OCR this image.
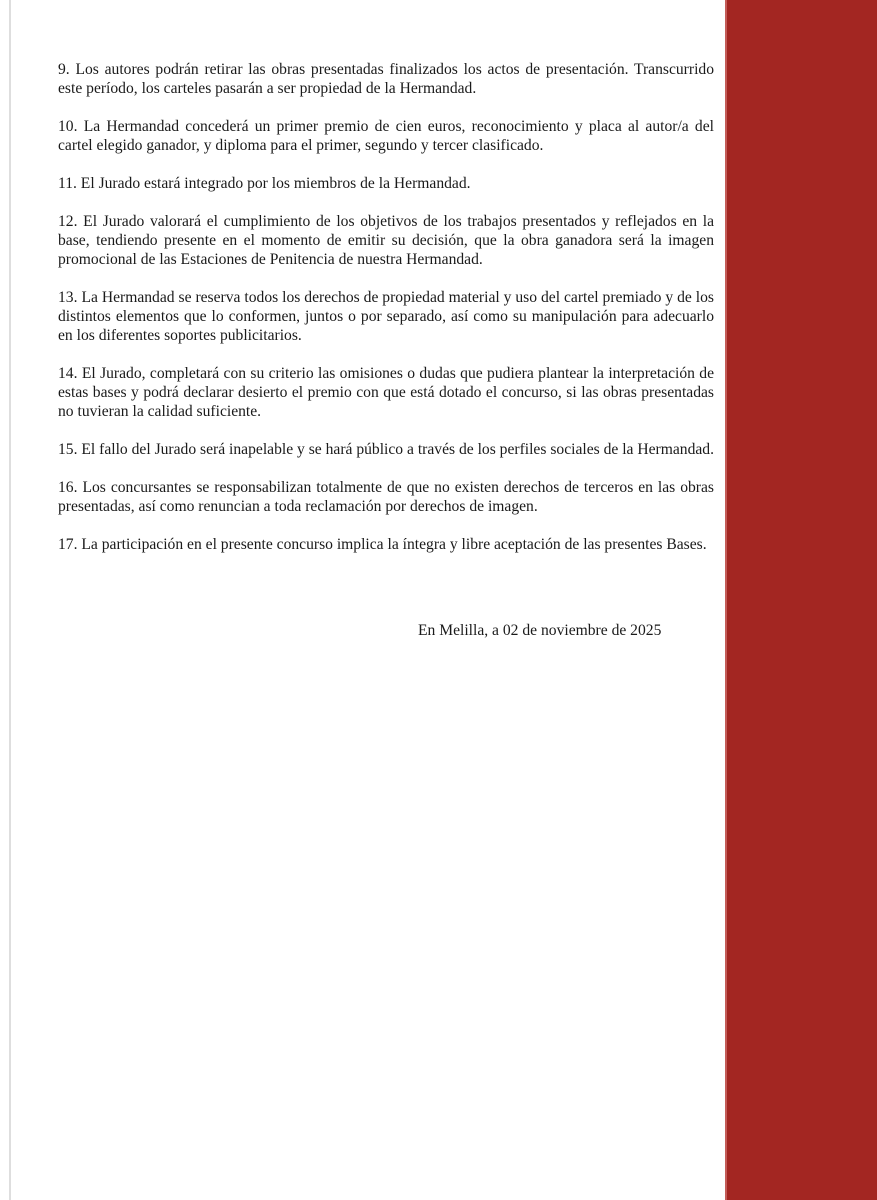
9. Los autores podrán retirar las obras presentadas finalizados los actos de presentación. Transcurrido este período, los carteles pasarán a ser propiedad de la Hermandad.

10. La Hermandad concederá un primer premio de cien euros, reconocimiento y placa al autor/a del cartel elegido ganador, y diploma para el primer, segundo y tercer clasificado.

11. El Jurado estará integrado por los miembros de la Hermandad.

12. El Jurado valorará el cumplimiento de los objetivos de los trabajos presentados y reflejados en la base, tendiendo presente en el momento de emitir su decisión, que la obra ganadora será la imagen promocional de las Estaciones de Penitencia de nuestra Hermandad.

13. La Hermandad se reserva todos los derechos de propiedad material y uso del cartel premiado y de los distintos elementos que lo conformen, juntos o por separado, así como su manipulación para adecuarlo en los diferentes soportes publicitarios.

14. El Jurado, completará con su criterio las omisiones o dudas que pudiera plantear la interpretación de estas bases y podrá declarar desierto el premio con que está dotado el concurso, si las obras presentadas no tuvieran la calidad suficiente.

15. El fallo del Jurado será inapelable y se hará público a través de los perfiles sociales de la Hermandad.

16. Los concursantes se responsabilizan totalmente de que no existen derechos de terceros en las obras presentadas, así como renuncian a toda reclamación por derechos de imagen.

17. La participación en el presente concurso implica la íntegra y libre aceptación de las presentes Bases.

En Melilla, a 02 de noviembre de 2025
